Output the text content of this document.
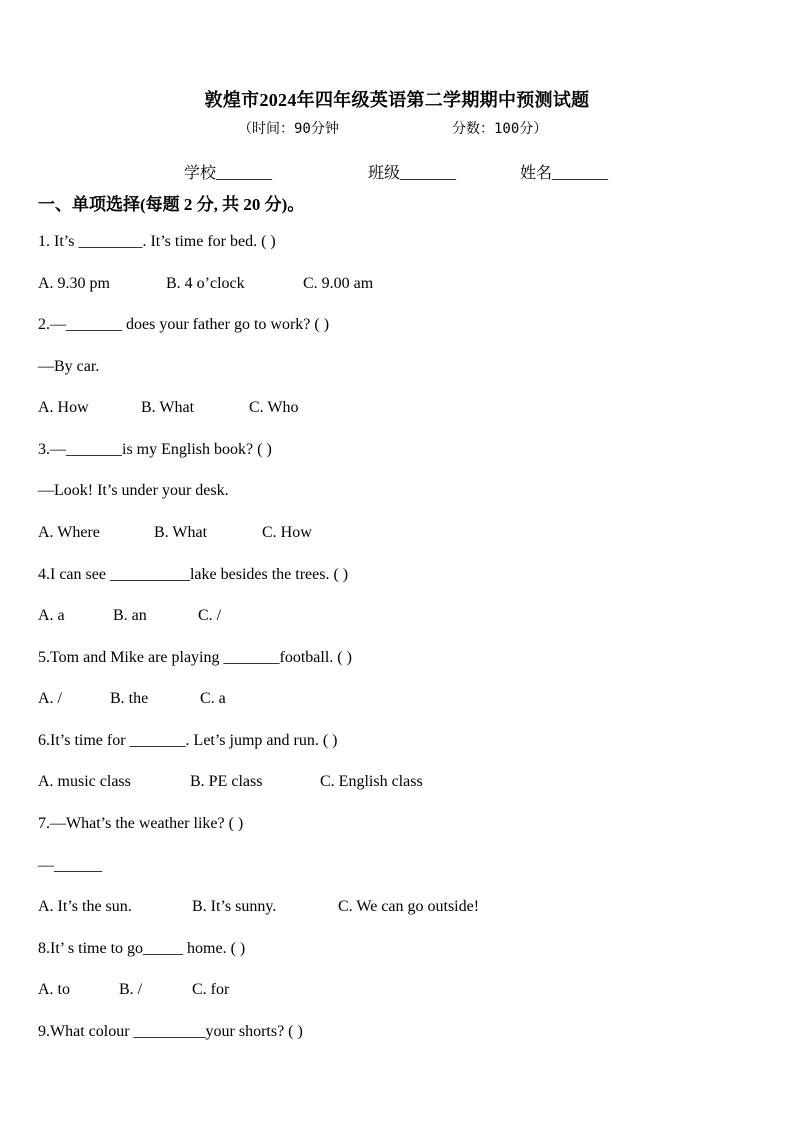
敦煌市2024年四年级英语第二学期期中预测试题
（时间：90分钟	分数：100分）
学校_______	班级_______	姓名_______
一、单项选择(每题 2 分, 共 20 分)。
1. It’s ________. It’s time for bed. ( )
A. 9.30 pm	B. 4 o’clock	C. 9.00 am
2.—_______ does your father go to work? ( )
—By car.
A. How	B. What	C. Who
3.—_______is my English book? ( )
—Look! It’s under your desk.
A. Where	B. What	C. How
4.I can see __________lake besides the trees. ( )
A. a	B. an	C. /
5.Tom and Mike are playing _______football. ( )
A. /	B. the	C. a
6.It’s time for _______. Let’s jump and run. ( )
A. music class	B. PE class	C. English class
7.—What’s the weather like? ( )
—______
A. It’s the sun.	B. It’s sunny.	C. We can go outside!
8.It’ s time to go_____ home. ( )
A. to	B. /	C. for
9.What colour _________your shorts? ( )
